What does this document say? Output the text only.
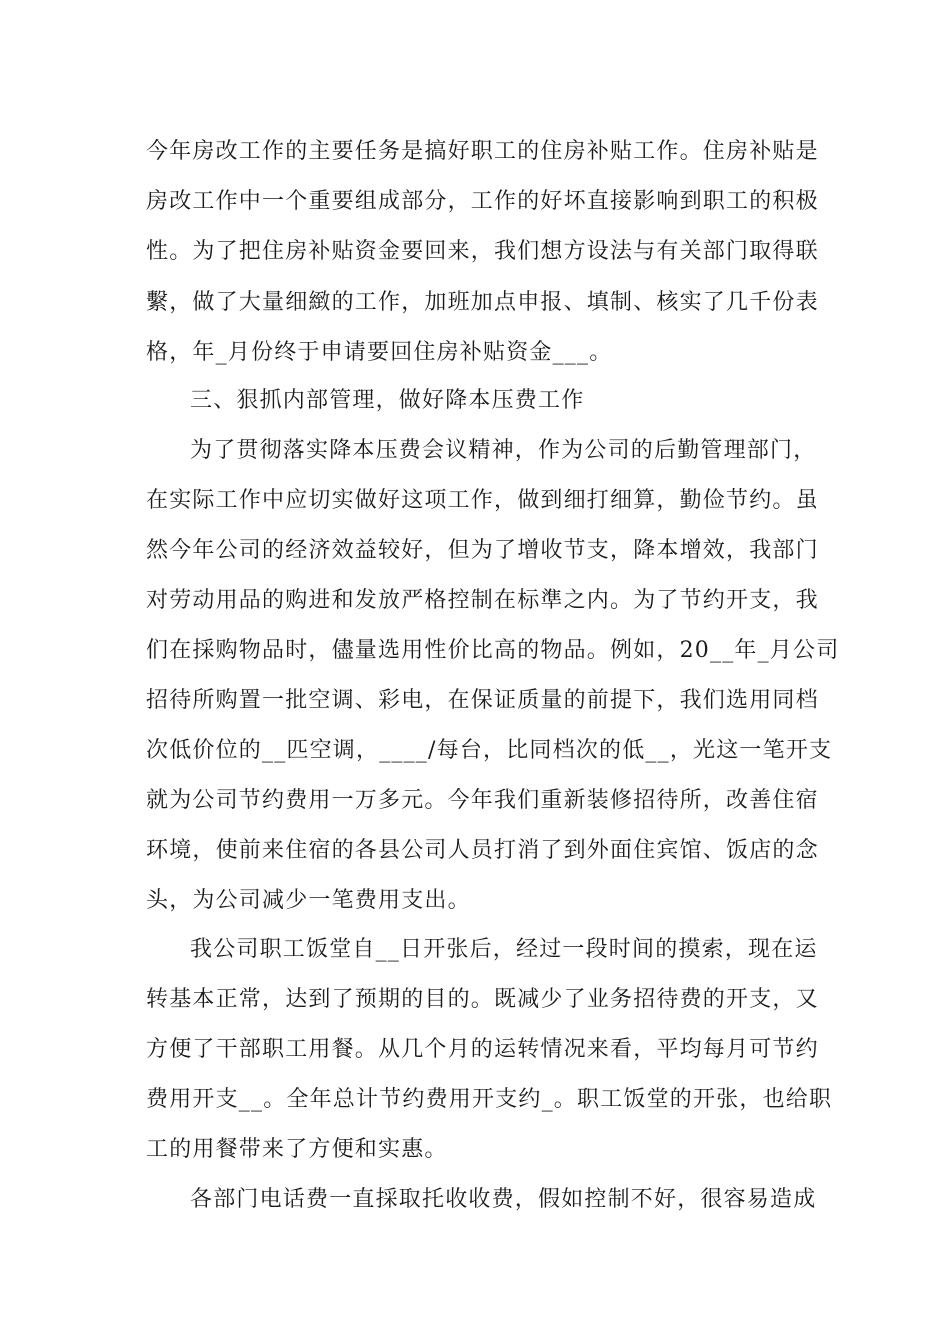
今年房改工作的主要任务是搞好职工的住房补贴工作。住房补贴是
房改工作中一个重要组成部分，工作的好坏直接影响到职工的积极
性。为了把住房补贴资金要回来，我们想方设法与有关部门取得联
繫，做了大量细緻的工作，加班加点申报、填制、核实了几千份表
格，年_月份终于申请要回住房补贴资金___。
三、狠抓内部管理，做好降本压费工作
为了贯彻落实降本压费会议精神，作为公司的后勤管理部门，
在实际工作中应切实做好这项工作，做到细打细算，勤俭节约。虽
然今年公司的经济效益较好，但为了增收节支，降本增效，我部门
对劳动用品的购进和发放严格控制在标準之内。为了节约开支，我
们在採购物品时，儘量选用性价比高的物品。例如，20__年_月公司
招待所购置一批空调、彩电，在保证质量的前提下，我们选用同档
次低价位的__匹空调，____/每台，比同档次的低__，光这一笔开支
就为公司节约费用一万多元。今年我们重新装修招待所，改善住宿
环境，使前来住宿的各县公司人员打消了到外面住宾馆、饭店的念
头，为公司减少一笔费用支出。
我公司职工饭堂自__日开张后，经过一段时间的摸索，现在运
转基本正常，达到了预期的目的。既减少了业务招待费的开支，又
方便了干部职工用餐。从几个月的运转情况来看，平均每月可节约
费用开支__。全年总计节约费用开支约_。职工饭堂的开张，也给职
工的用餐带来了方便和实惠。
各部门电话费一直採取托收收费，假如控制不好，很容易造成
